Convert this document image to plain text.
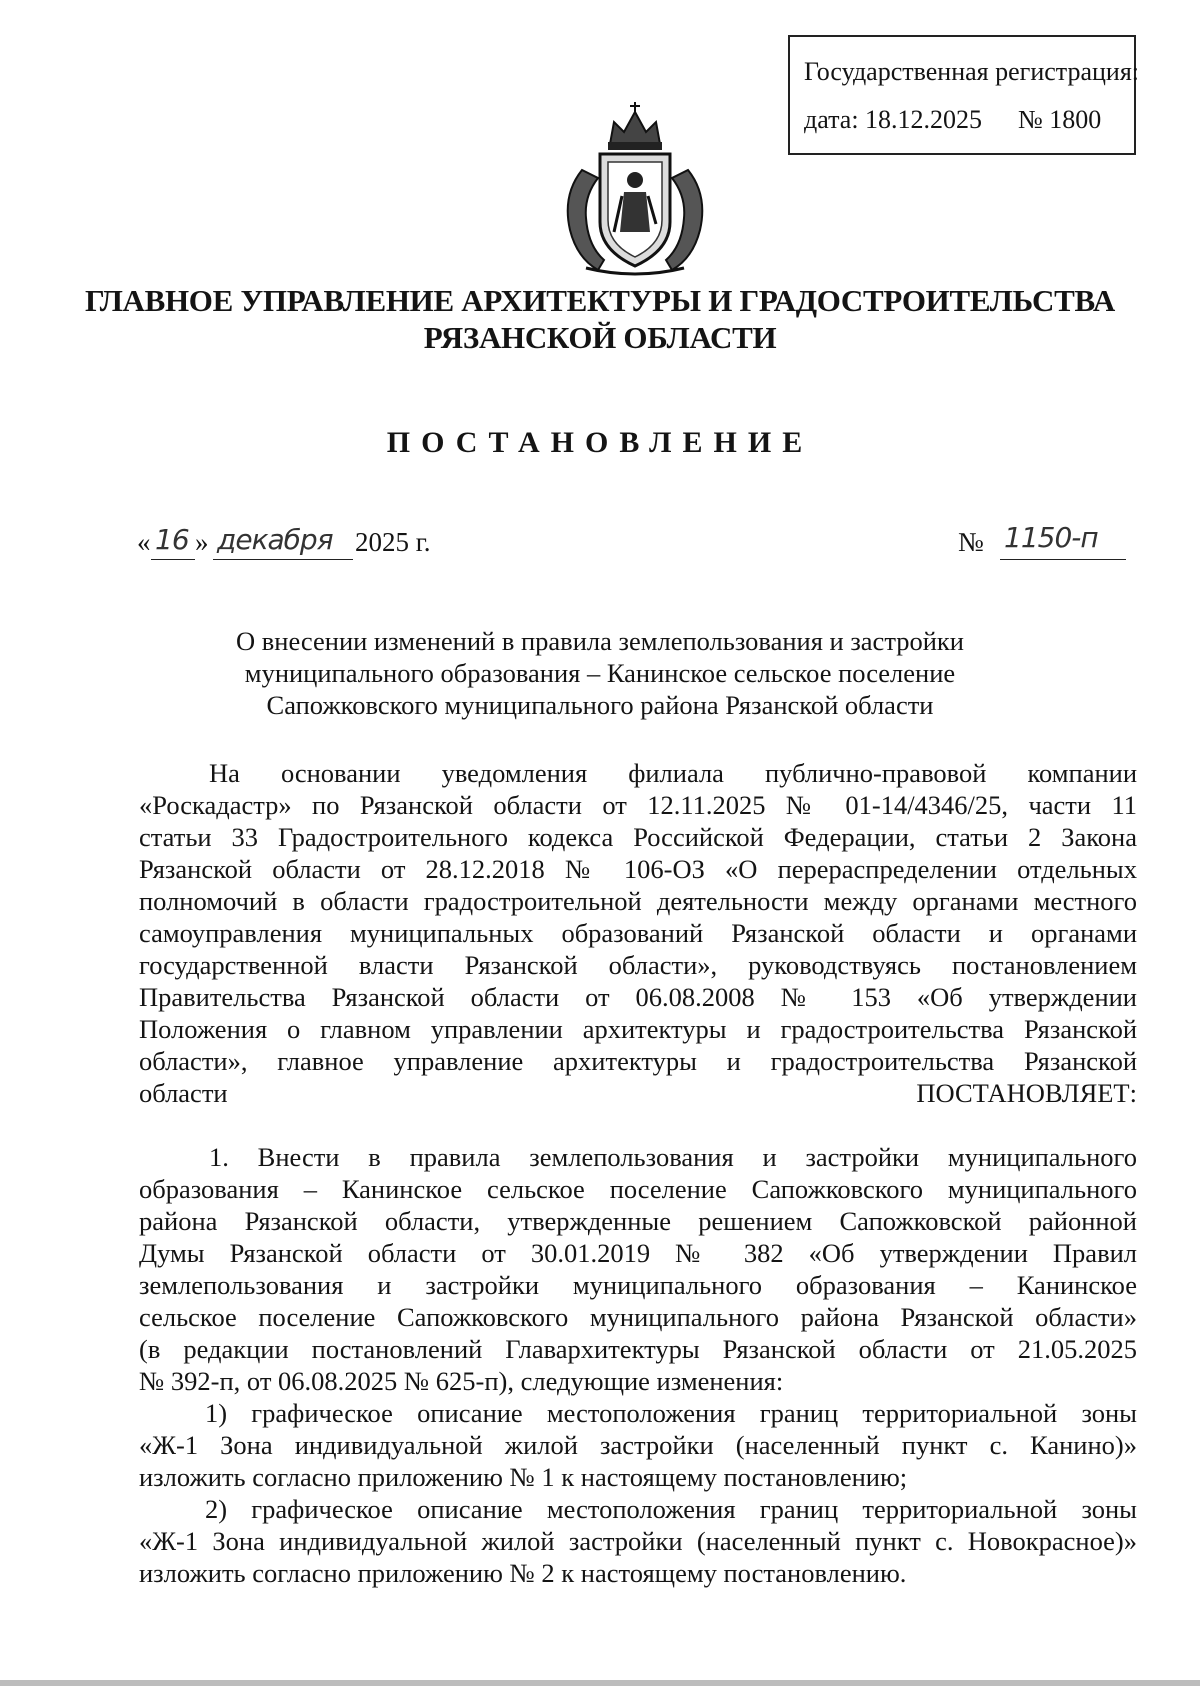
Государственная регистрация:
дата: 18.12.2025 № 1800
ГЛАВНОЕ УПРАВЛЕНИЕ АРХИТЕКТУРЫ И ГРАДОСТРОИТЕЛЬСТВА
РЯЗАНСКОЙ ОБЛАСТИ
ПОСТАНОВЛЕНИЕ
« 16 » декабря 2025 г.	№ 1150-п
О внесении изменений в правила землепользования и застройки
муниципального образования – Канинское сельское поселение
Сапожковского муниципального района Рязанской области
На основании уведомления филиала публично-правовой компании
«Роскадастр» по Рязанской области от 12.11.2025 № 01-14/4346/25, части 11
статьи 33 Градостроительного кодекса Российской Федерации, статьи 2 Закона
Рязанской области от 28.12.2018 № 106-ОЗ «О перераспределении отдельных
полномочий в области градостроительной деятельности между органами местного
самоуправления муниципальных образований Рязанской области и органами
государственной власти Рязанской области», руководствуясь постановлением
Правительства Рязанской области от 06.08.2008 № 153 «Об утверждении
Положения о главном управлении архитектуры и градостроительства Рязанской
области», главное управление архитектуры и градостроительства Рязанской
области ПОСТАНОВЛЯЕТ:
1. Внести в правила землепользования и застройки муниципального
образования – Канинское сельское поселение Сапожковского муниципального
района Рязанской области, утвержденные решением Сапожковской районной
Думы Рязанской области от 30.01.2019 № 382 «Об утверждении Правил
землепользования и застройки муниципального образования – Канинское
сельское поселение Сапожковского муниципального района Рязанской области»
(в редакции постановлений Главархитектуры Рязанской области от 21.05.2025
№ 392-п, от 06.08.2025 № 625-п), следующие изменения:
1) графическое описание местоположения границ территориальной зоны
«Ж-1 Зона индивидуальной жилой застройки (населенный пункт с. Канино)»
изложить согласно приложению № 1 к настоящему постановлению;
2) графическое описание местоположения границ территориальной зоны
«Ж-1 Зона индивидуальной жилой застройки (населенный пункт с. Новокрасное)»
изложить согласно приложению № 2 к настоящему постановлению.
